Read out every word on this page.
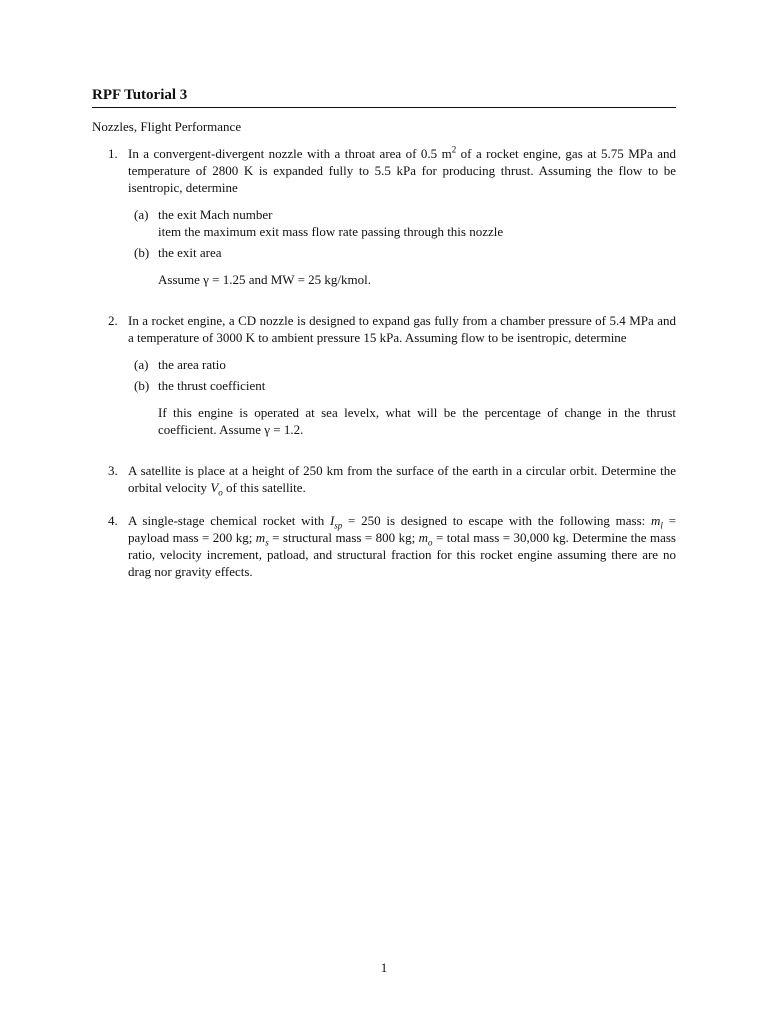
RPF Tutorial 3
Nozzles, Flight Performance
1. In a convergent-divergent nozzle with a throat area of 0.5 $m^2$ of a rocket engine, gas at 5.75 MPa and temperature of 2800 K is expanded fully to 5.5 kPa for producing thrust. Assuming the flow to be isentropic, determine
(a) the exit Mach number
item the maximum exit mass flow rate passing through this nozzle
(b) the exit area
Assume γ = 1.25 and MW = 25 kg/kmol.
2. In a rocket engine, a CD nozzle is designed to expand gas fully from a chamber pressure of 5.4 MPa and a temperature of 3000 K to ambient pressure 15 kPa. Assuming flow to be isentropic, determine
(a) the area ratio
(b) the thrust coefficient
If this engine is operated at sea levelx, what will be the percentage of change in the thrust coefficient. Assume γ = 1.2.
3. A satellite is place at a height of 250 km from the surface of the earth in a circular orbit. Determine the orbital velocity $V_o$ of this satellite.
4. A single-stage chemical rocket with $I_{sp} = 250$ is designed to escape with the following mass: $m_l$ = payload mass = 200 kg; $m_s$ = structural mass = 800 kg; $m_o$ = total mass = 30,000 kg. Determine the mass ratio, velocity increment, patload, and structural fraction for this rocket engine assuming there are no drag nor gravity effects.
1
